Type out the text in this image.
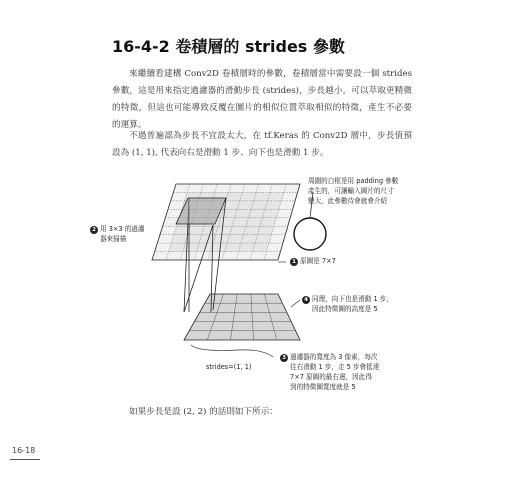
16-4-2 卷積層的 strides 參數

來繼續看建構 Conv2D 卷積層時的參數，卷積層當中需要設一個 strides 參數，這是用來指定過濾器的滑動步長 (strides)，步長越小，可以萃取更精微的特徵，但這也可能導致反覆在圖片的相似位置萃取相似的特徵，產生不必要的運算。

不過普遍認為步長不宜設太大，在 tf.Keras 的 Conv2D 層中，步長值預設為 (1, 1), 代表向右是滑動 1 步、向下也是滑動 1 步。

周圍的白框是用 padding 參數
產生的，可讓輸入圖片的尺寸
變大，此參數待會就會介紹
1 原圖是 7×7
2 用 3×3 的過濾
器來掃描
4 同理，向下也是滑動 1 步，
因此特徵圖的高度是 5
3 過濾器的寬度為 3 像素，每次
往右滑動 1 步，走 5 步會抵達
7×7 原圖的最右邊，因此得
到的特徵圖寬度就是 5
strides=(1, 1)

如果步長是設 (2, 2) 的話則如下所示：

16-18
